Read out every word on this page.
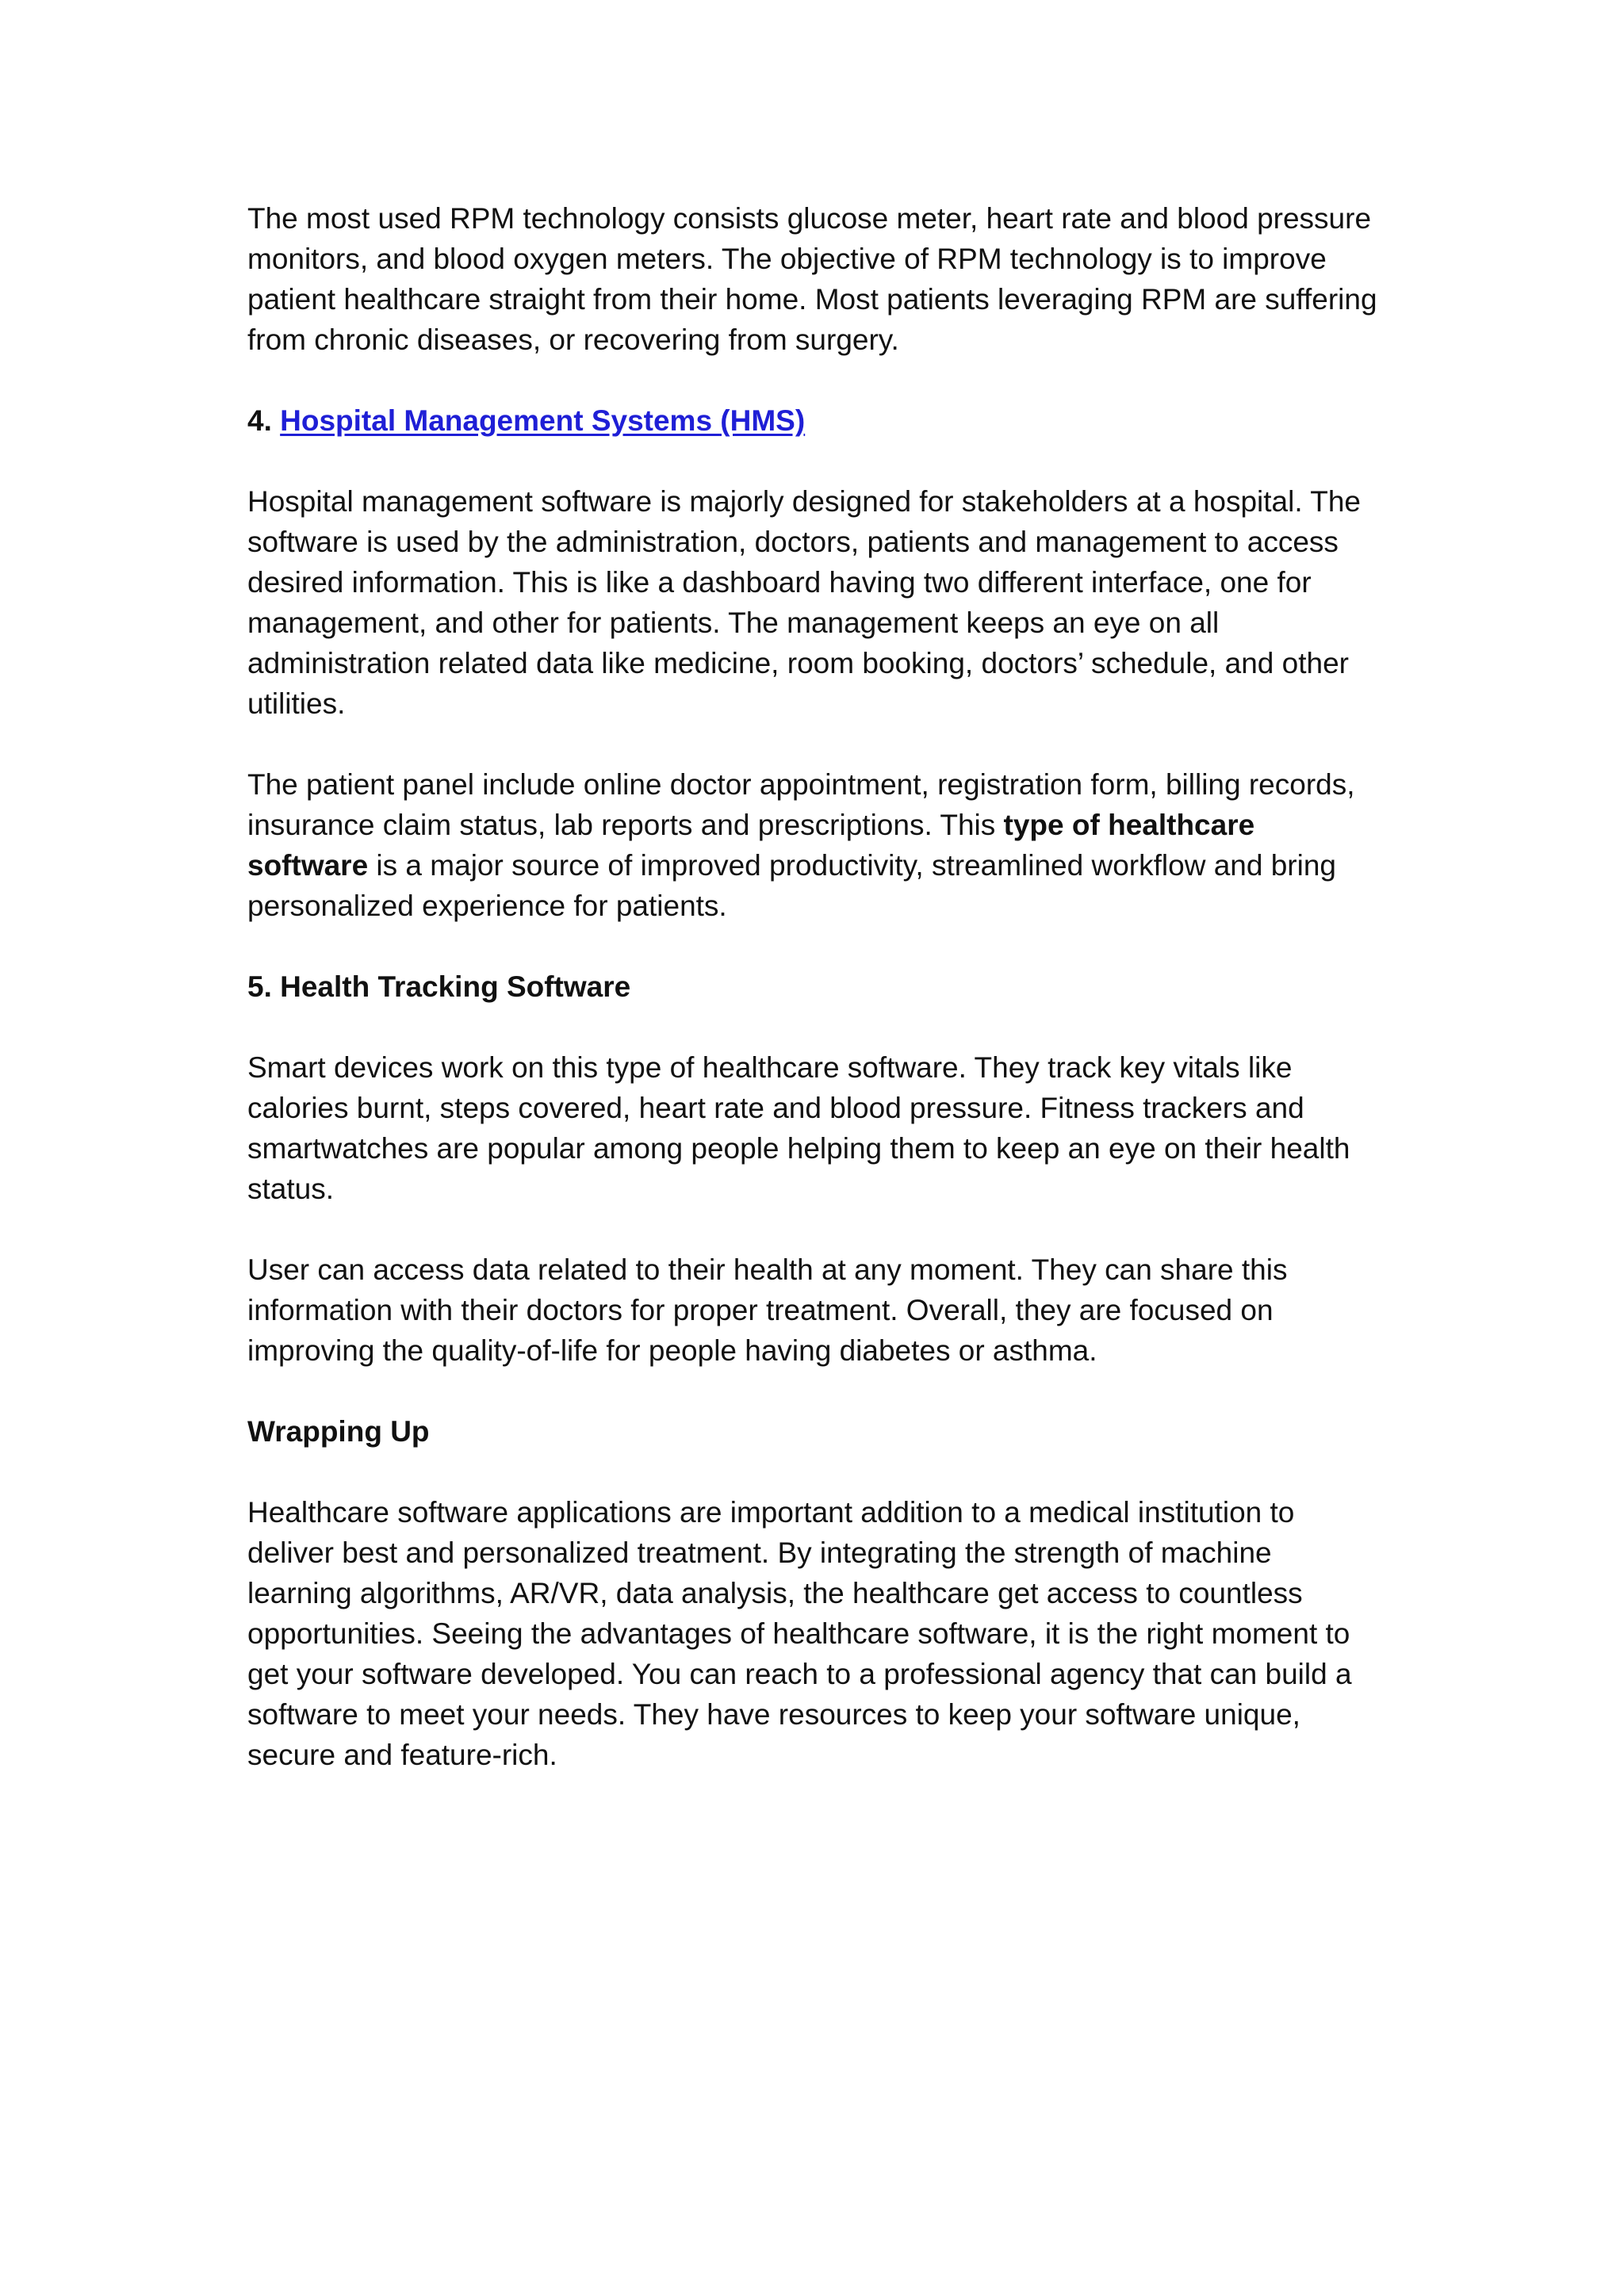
The most used RPM technology consists glucose meter, heart rate and blood pressure monitors, and blood oxygen meters. The objective of RPM technology is to improve patient healthcare straight from their home. Most patients leveraging RPM are suffering from chronic diseases, or recovering from surgery.

4. Hospital Management Systems (HMS)

Hospital management software is majorly designed for stakeholders at a hospital. The software is used by the administration, doctors, patients and management to access desired information. This is like a dashboard having two different interface, one for management, and other for patients. The management keeps an eye on all administration related data like medicine, room booking, doctors’ schedule, and other utilities.

The patient panel include online doctor appointment, registration form, billing records, insurance claim status, lab reports and prescriptions. This type of healthcare software is a major source of improved productivity, streamlined workflow and bring personalized experience for patients.

5. Health Tracking Software

Smart devices work on this type of healthcare software. They track key vitals like calories burnt, steps covered, heart rate and blood pressure. Fitness trackers and smartwatches are popular among people helping them to keep an eye on their health status.

User can access data related to their health at any moment. They can share this information with their doctors for proper treatment. Overall, they are focused on improving the quality-of-life for people having diabetes or asthma.

Wrapping Up

Healthcare software applications are important addition to a medical institution to deliver best and personalized treatment. By integrating the strength of machine learning algorithms, AR/VR, data analysis, the healthcare get access to countless opportunities. Seeing the advantages of healthcare software, it is the right moment to get your software developed. You can reach to a professional agency that can build a software to meet your needs. They have resources to keep your software unique, secure and feature-rich.
